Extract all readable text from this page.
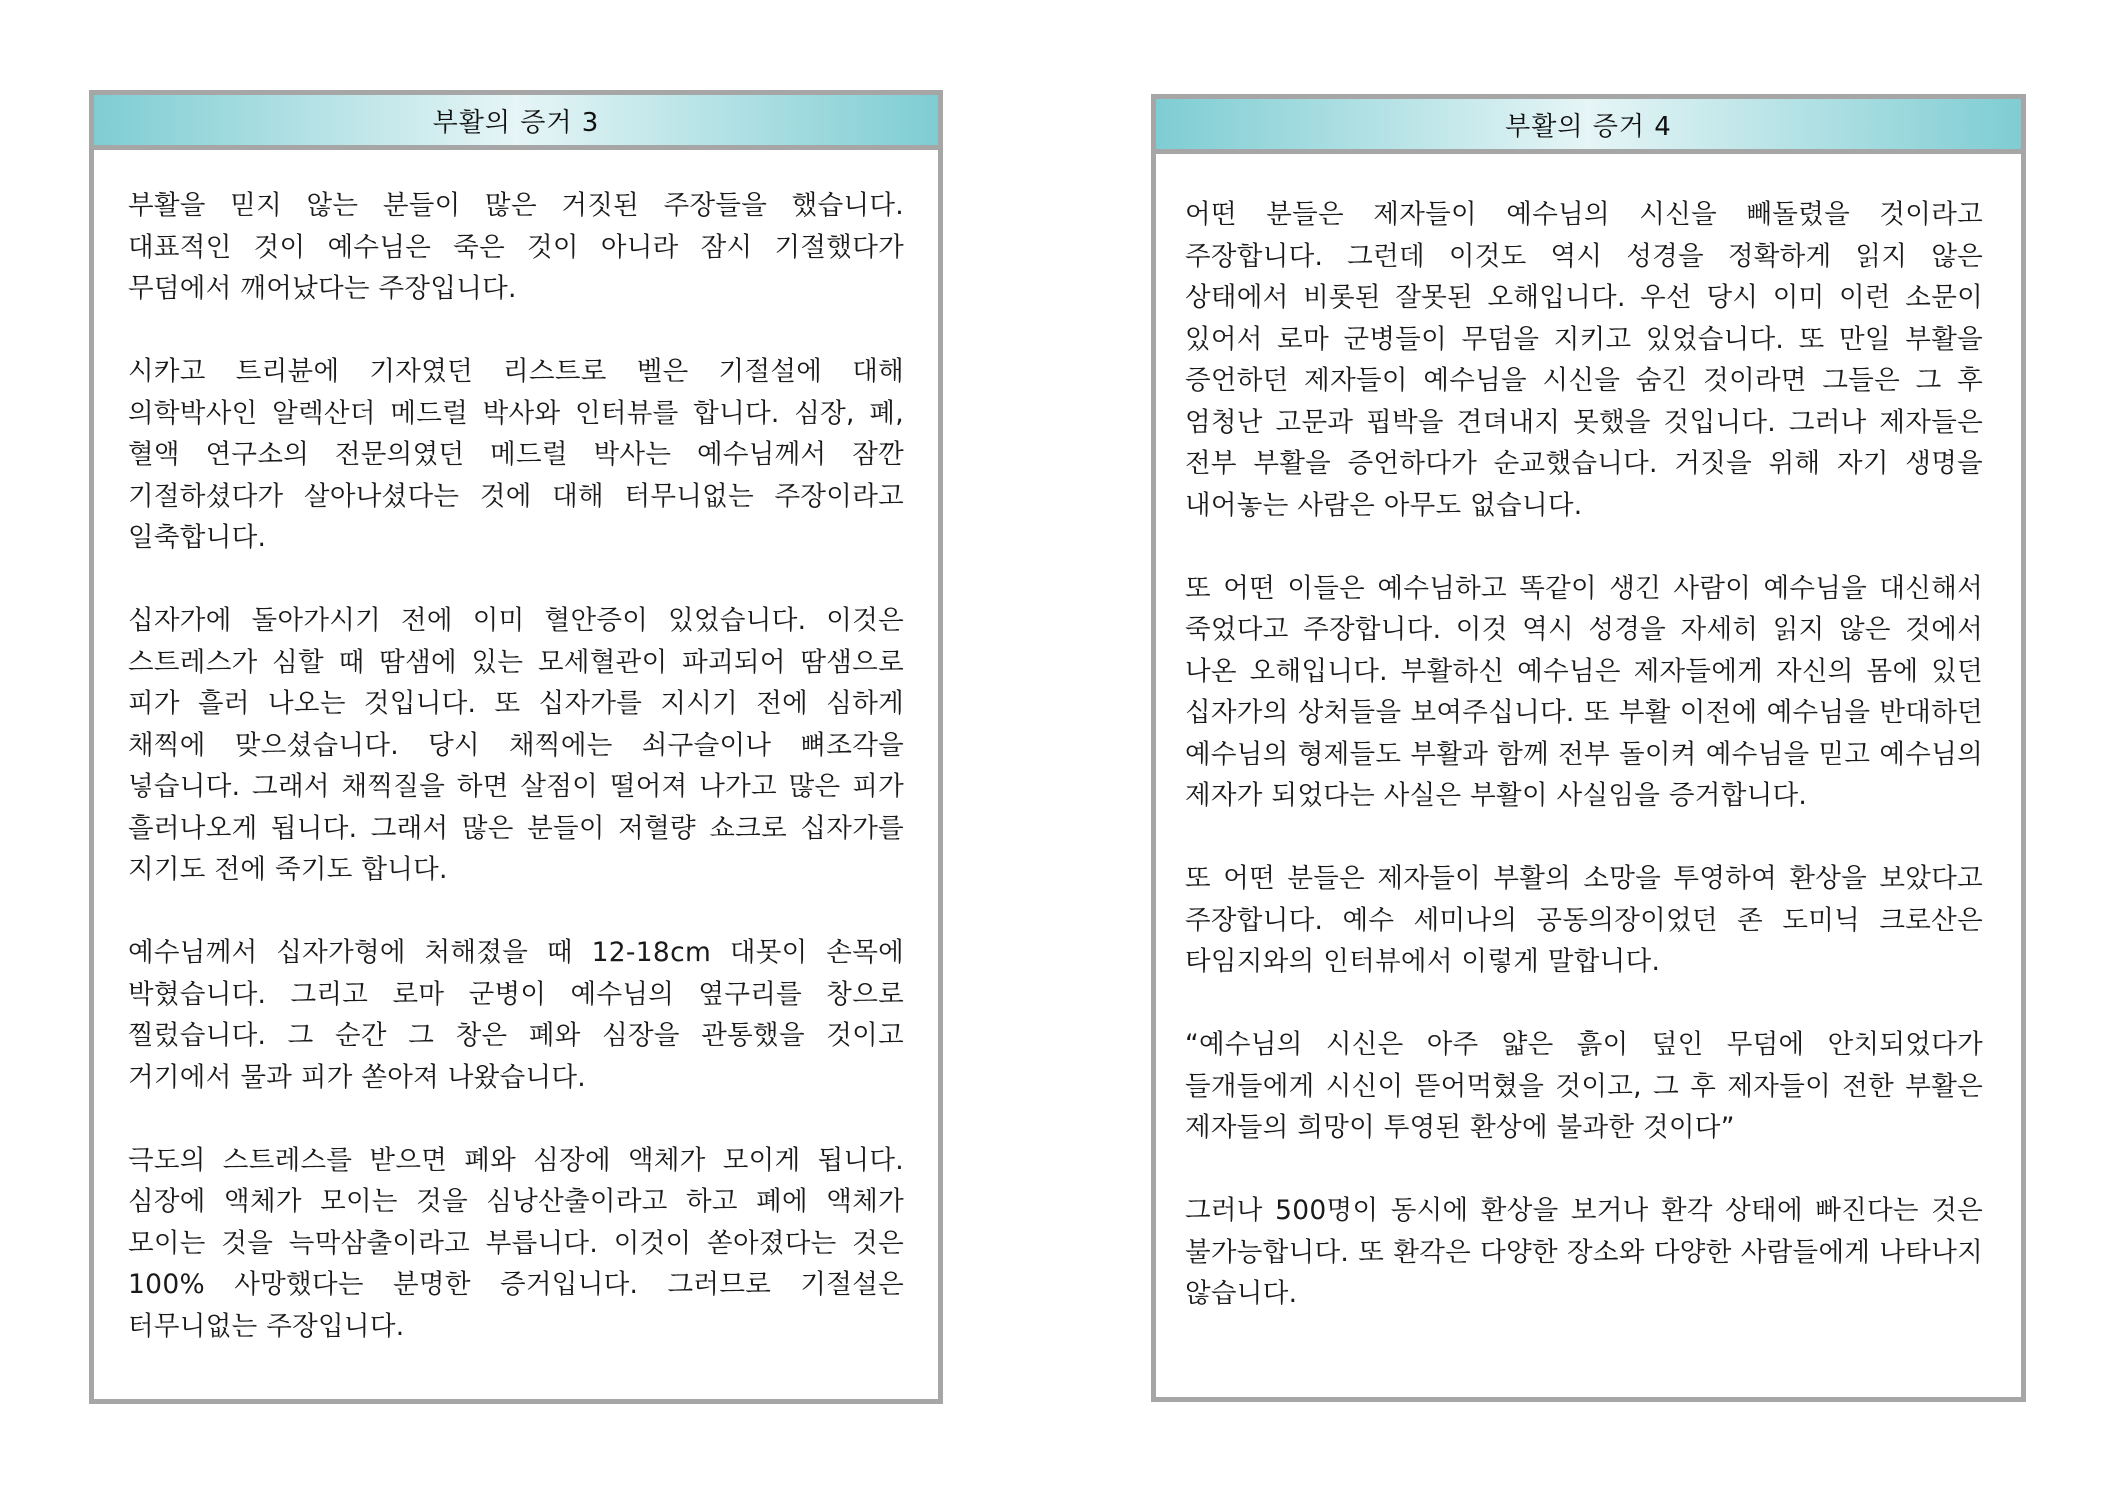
부활의 증거 3

부활을 믿지 않는 분들이 많은 거짓된 주장들을 했습니다. 대표적인 것이 예수님은 죽은 것이 아니라 잠시 기절했다가 무덤에서 깨어났다는 주장입니다.

시카고 트리뷴에 기자였던 리스트로 벨은 기절설에 대해 의학박사인 알렉산더 메드럴 박사와 인터뷰를 합니다. 심장, 폐, 혈액 연구소의 전문의였던 메드럴 박사는 예수님께서 잠깐 기절하셨다가 살아나셨다는 것에 대해 터무니없는 주장이라고 일축합니다.

십자가에 돌아가시기 전에 이미 혈안증이 있었습니다. 이것은 스트레스가 심할 때 땀샘에 있는 모세혈관이 파괴되어 땀샘으로 피가 흘러 나오는 것입니다. 또 십자가를 지시기 전에 심하게 채찍에 맞으셨습니다. 당시 채찍에는 쇠구슬이나 뼈조각을 넣습니다. 그래서 채찍질을 하면 살점이 떨어져 나가고 많은 피가 흘러나오게 됩니다. 그래서 많은 분들이 저혈량 쇼크로 십자가를 지기도 전에 죽기도 합니다.

예수님께서 십자가형에 처해졌을 때 12-18cm 대못이 손목에 박혔습니다. 그리고 로마 군병이 예수님의 옆구리를 창으로 찔렀습니다. 그 순간 그 창은 폐와 심장을 관통했을 것이고 거기에서 물과 피가 쏟아져 나왔습니다.

극도의 스트레스를 받으면 폐와 심장에 액체가 모이게 됩니다. 심장에 액체가 모이는 것을 심낭산출이라고 하고 폐에 액체가 모이는 것을 늑막삼출이라고 부릅니다. 이것이 쏟아졌다는 것은 100% 사망했다는 분명한 증거입니다. 그러므로 기절설은 터무니없는 주장입니다.

부활의 증거 4

어떤 분들은 제자들이 예수님의 시신을 빼돌렸을 것이라고 주장합니다. 그런데 이것도 역시 성경을 정확하게 읽지 않은 상태에서 비롯된 잘못된 오해입니다. 우선 당시 이미 이런 소문이 있어서 로마 군병들이 무덤을 지키고 있었습니다. 또 만일 부활을 증언하던 제자들이 예수님을 시신을 숨긴 것이라면 그들은 그 후 엄청난 고문과 핍박을 견뎌내지 못했을 것입니다. 그러나 제자들은 전부 부활을 증언하다가 순교했습니다. 거짓을 위해 자기 생명을 내어놓는 사람은 아무도 없습니다.

또 어떤 이들은 예수님하고 똑같이 생긴 사람이 예수님을 대신해서 죽었다고 주장합니다. 이것 역시 성경을 자세히 읽지 않은 것에서 나온 오해입니다. 부활하신 예수님은 제자들에게 자신의 몸에 있던 십자가의 상처들을 보여주십니다. 또 부활 이전에 예수님을 반대하던 예수님의 형제들도 부활과 함께 전부 돌이켜 예수님을 믿고 예수님의 제자가 되었다는 사실은 부활이 사실임을 증거합니다.

또 어떤 분들은 제자들이 부활의 소망을 투영하여 환상을 보았다고 주장합니다. 예수 세미나의 공동의장이었던 존 도미닉 크로산은 타임지와의 인터뷰에서 이렇게 말합니다.

“예수님의 시신은 아주 얇은 흙이 덮인 무덤에 안치되었다가 들개들에게 시신이 뜯어먹혔을 것이고, 그 후 제자들이 전한 부활은 제자들의 희망이 투영된 환상에 불과한 것이다”

그러나 500명이 동시에 환상을 보거나 환각 상태에 빠진다는 것은 불가능합니다. 또 환각은 다양한 장소와 다양한 사람들에게 나타나지 않습니다.
